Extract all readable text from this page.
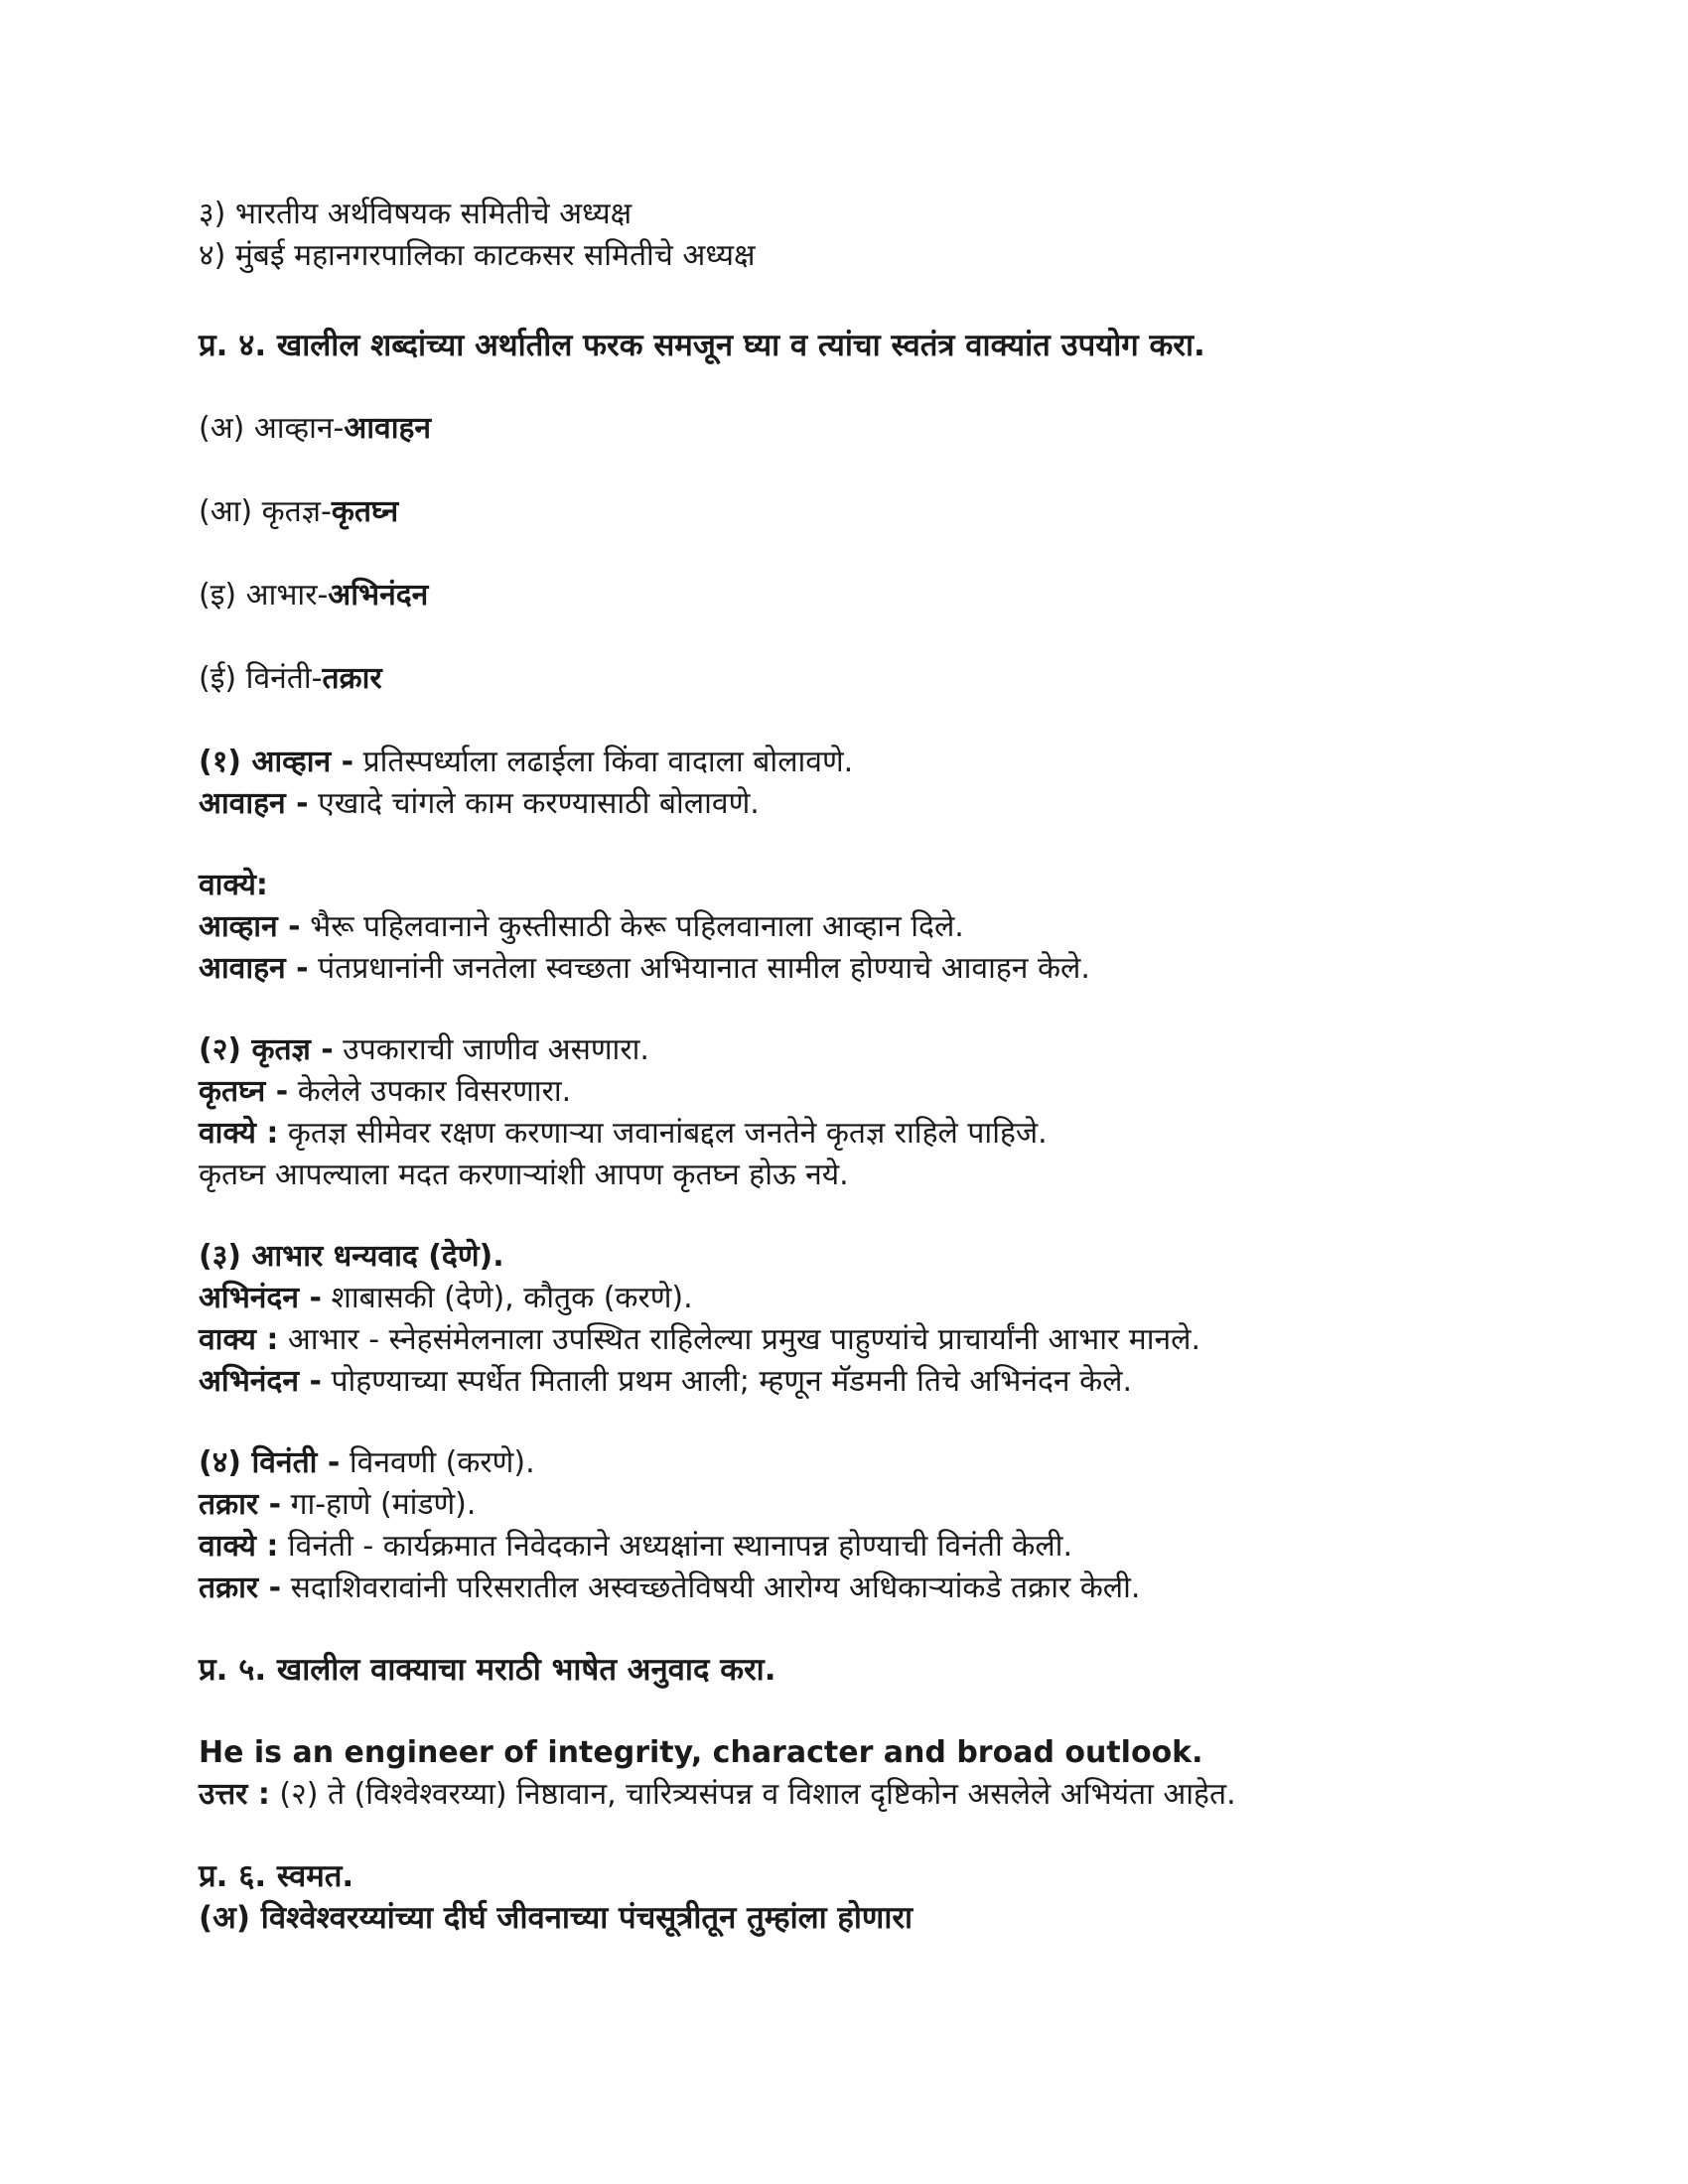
३) भारतीय अर्थविषयक समितीचे अध्यक्ष
४) मुंबई महानगरपालिका काटकसर समितीचे अध्यक्ष
प्र. ४. खालील शब्दांच्या अर्थातील फरक समजून घ्या व त्यांचा स्वतंत्र वाक्यांत उपयोग करा.
(अ) आव्हान-आवाहन
(आ) कृतज्ञ-कृतघ्न
(इ) आभार-अभिनंदन
(ई) विनंती-तक्रार
(१) आव्हान - प्रतिस्पर्ध्याला लढाईला किंवा वादाला बोलावणे.
आवाहन - एखादे चांगले काम करण्यासाठी बोलावणे.
वाक्ये:
आव्हान - भैरू पहिलवानाने कुस्तीसाठी केरू पहिलवानाला आव्हान दिले.
आवाहन - पंतप्रधानांनी जनतेला स्वच्छता अभियानात सामील होण्याचे आवाहन केले.
(२) कृतज्ञ - उपकाराची जाणीव असणारा.
कृतघ्न - केलेले उपकार विसरणारा.
वाक्ये : कृतज्ञ सीमेवर रक्षण करणाऱ्या जवानांबद्दल जनतेने कृतज्ञ राहिले पाहिजे.
कृतघ्न आपल्याला मदत करणाऱ्यांशी आपण कृतघ्न होऊ नये.
(३) आभार धन्यवाद (देणे).
अभिनंदन - शाबासकी (देणे), कौतुक (करणे).
वाक्य : आभार - स्नेहसंमेलनाला उपस्थित राहिलेल्या प्रमुख पाहुण्यांचे प्राचार्यांनी आभार मानले.
अभिनंदन - पोहण्याच्या स्पर्धेत मिताली प्रथम आली; म्हणून मॅडमनी तिचे अभिनंदन केले.
(४) विनंती - विनवणी (करणे).
तक्रार - गा-हाणे (मांडणे).
वाक्ये : विनंती - कार्यक्रमात निवेदकाने अध्यक्षांना स्थानापन्न होण्याची विनंती केली.
तक्रार - सदाशिवरावांनी परिसरातील अस्वच्छतेविषयी आरोग्य अधिकाऱ्यांकडे तक्रार केली.
प्र. ५. खालील वाक्याचा मराठी भाषेत अनुवाद करा.
He is an engineer of integrity, character and broad outlook.
उत्तर : (२) ते (विश्वेश्वरय्या) निष्ठावान, चारित्र्यसंपन्न व विशाल दृष्टिकोन असलेले अभियंता आहेत.
प्र. ६. स्वमत.
(अ) विश्वेश्वरय्यांच्या दीर्घ जीवनाच्या पंचसूत्रीतून तुम्हांला होणारा
